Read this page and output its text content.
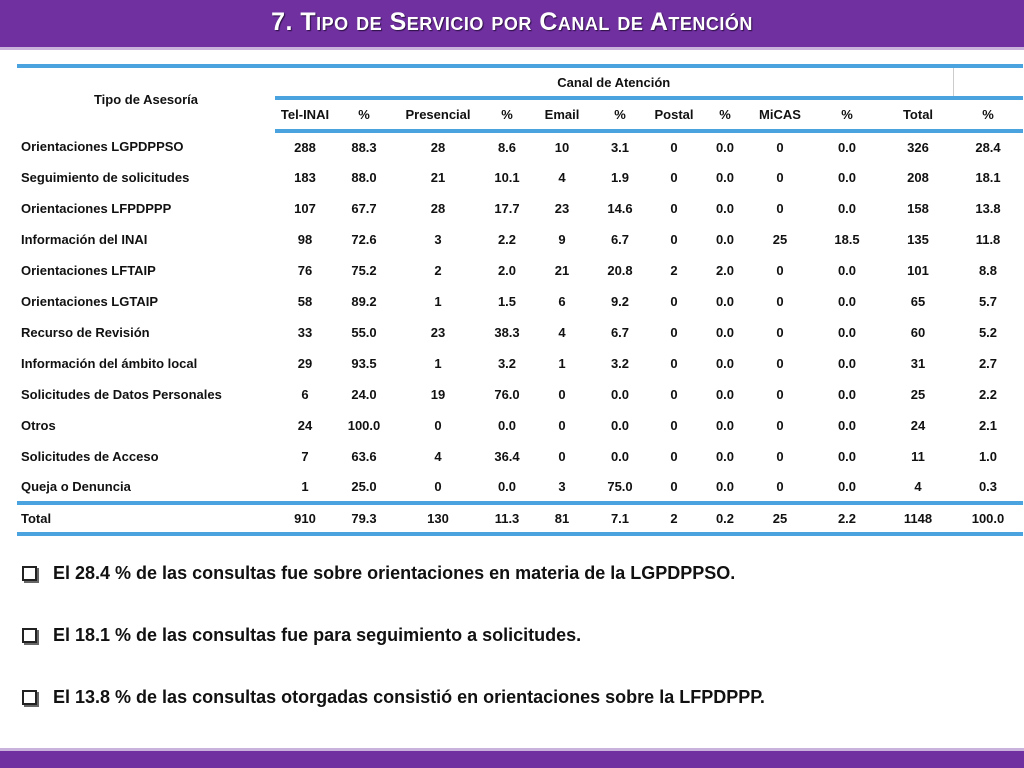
7. Tipo de Servicio por Canal de Atención
Tipo de Asesoría	Canal de Atención											
	Tel-INAI	%	Presencial	%	Email	%	Postal	%	MiCAS	%	Total	%
Orientaciones LGPDPPSO	288	88.3	28	8.6	10	3.1	0	0.0	0	0.0	326	28.4
Seguimiento de solicitudes	183	88.0	21	10.1	4	1.9	0	0.0	0	0.0	208	18.1
Orientaciones LFPDPPP	107	67.7	28	17.7	23	14.6	0	0.0	0	0.0	158	13.8
Información del INAI	98	72.6	3	2.2	9	6.7	0	0.0	25	18.5	135	11.8
Orientaciones LFTAIP	76	75.2	2	2.0	21	20.8	2	2.0	0	0.0	101	8.8
Orientaciones LGTAIP	58	89.2	1	1.5	6	9.2	0	0.0	0	0.0	65	5.7
Recurso de Revisión	33	55.0	23	38.3	4	6.7	0	0.0	0	0.0	60	5.2
Información del ámbito local	29	93.5	1	3.2	1	3.2	0	0.0	0	0.0	31	2.7
Solicitudes de Datos Personales	6	24.0	19	76.0	0	0.0	0	0.0	0	0.0	25	2.2
Otros	24	100.0	0	0.0	0	0.0	0	0.0	0	0.0	24	2.1
Solicitudes de Acceso	7	63.6	4	36.4	0	0.0	0	0.0	0	0.0	11	1.0
Queja o Denuncia	1	25.0	0	0.0	3	75.0	0	0.0	0	0.0	4	0.3
Total	910	79.3	130	11.3	81	7.1	2	0.2	25	2.2	1148	100.0
El 28.4 % de las consultas fue sobre orientaciones en materia de la LGPDPPSO.
El 18.1 % de las consultas fue para seguimiento a solicitudes.
El 13.8 % de las consultas otorgadas consistió en orientaciones sobre la LFPDPPP.
